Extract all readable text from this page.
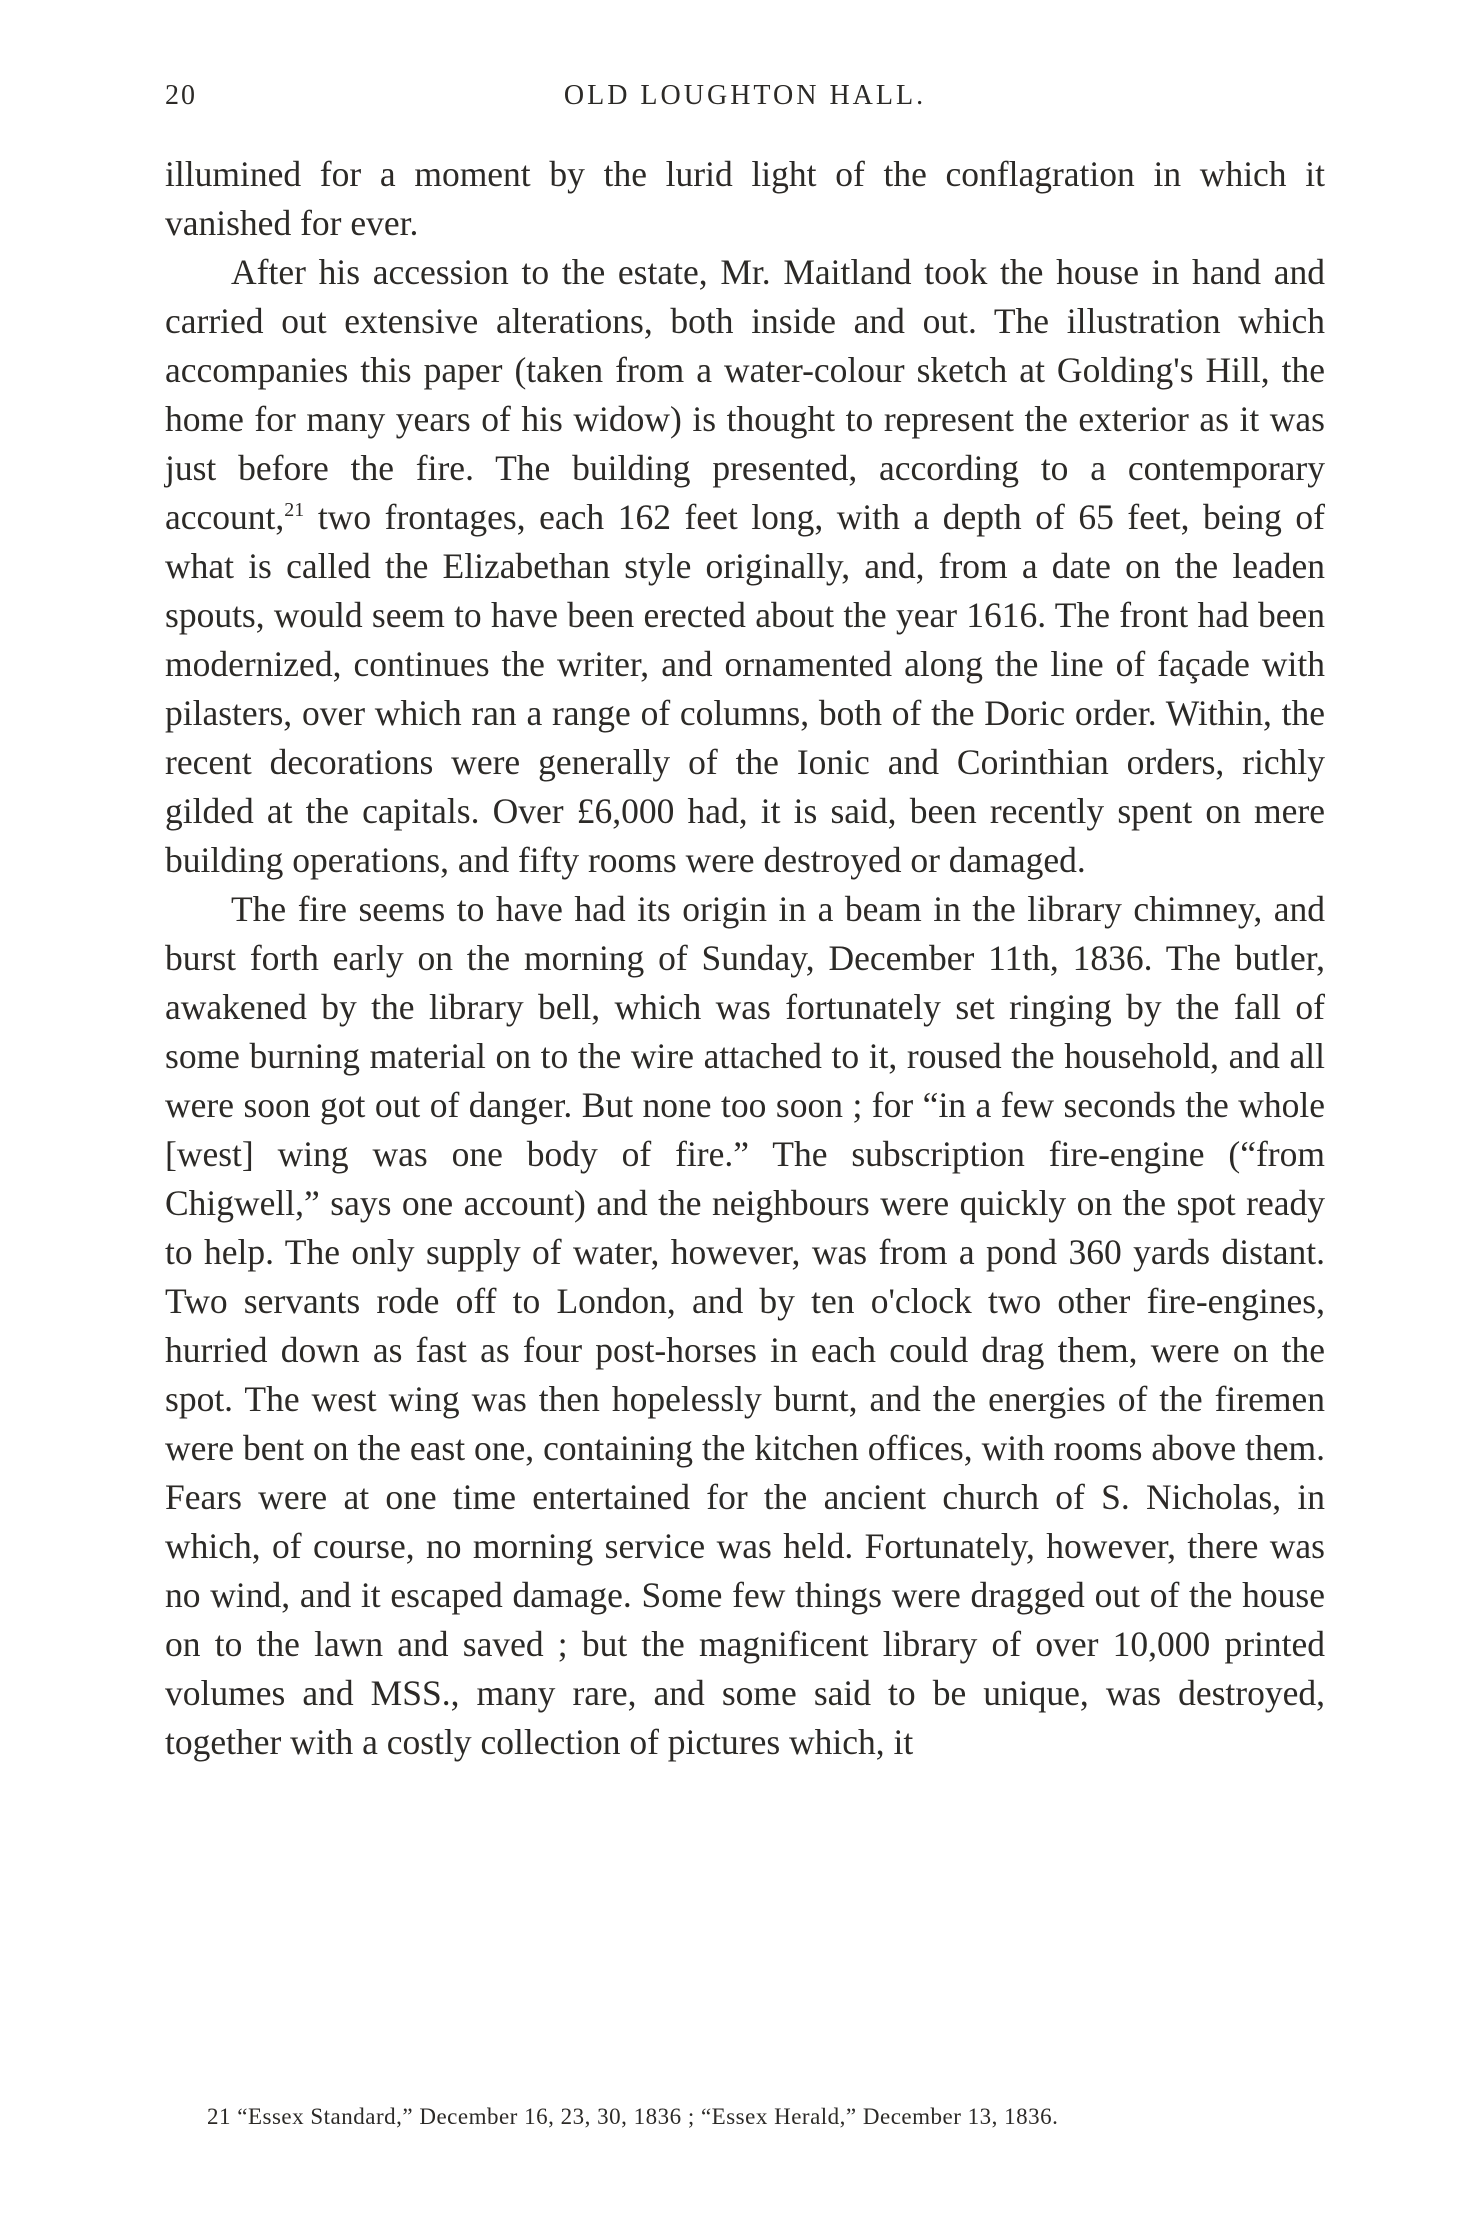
20	OLD LOUGHTON HALL.

illumined for a moment by the lurid light of the conflagration in which it vanished for ever.

After his accession to the estate, Mr. Maitland took the house in hand and carried out extensive alterations, both inside and out. The illustration which accompanies this paper (taken from a water-colour sketch at Golding's Hill, the home for many years of his widow) is thought to represent the exterior as it was just before the fire. The building presented, according to a contemporary account,$^{21}$ two frontages, each 162 feet long, with a depth of 65 feet, being of what is called the Elizabethan style originally, and, from a date on the leaden spouts, would seem to have been erected about the year 1616. The front had been modernized, continues the writer, and ornamented along the line of façade with pilasters, over which ran a range of columns, both of the Doric order. Within, the recent decorations were generally of the Ionic and Corinthian orders, richly gilded at the capitals. Over £6,000 had, it is said, been recently spent on mere building operations, and fifty rooms were destroyed or damaged.

The fire seems to have had its origin in a beam in the library chimney, and burst forth early on the morning of Sunday, December 11th, 1836. The butler, awakened by the library bell, which was fortunately set ringing by the fall of some burning material on to the wire attached to it, roused the household, and all were soon got out of danger. But none too soon ; for “in a few seconds the whole [west] wing was one body of fire.” The subscription fire-engine (“from Chigwell,” says one account) and the neighbours were quickly on the spot ready to help. The only supply of water, however, was from a pond 360 yards distant. Two servants rode off to London, and by ten o'clock two other fire-engines, hurried down as fast as four post-horses in each could drag them, were on the spot. The west wing was then hopelessly burnt, and the energies of the firemen were bent on the east one, containing the kitchen offices, with rooms above them. Fears were at one time entertained for the ancient church of S. Nicholas, in which, of course, no morning service was held. Fortunately, however, there was no wind, and it escaped damage. Some few things were dragged out of the house on to the lawn and saved ; but the magnificent library of over 10,000 printed volumes and MSS., many rare, and some said to be unique, was destroyed, together with a costly collection of pictures which, it

21 “Essex Standard,” December 16, 23, 30, 1836 ; “Essex Herald,” December 13, 1836.
